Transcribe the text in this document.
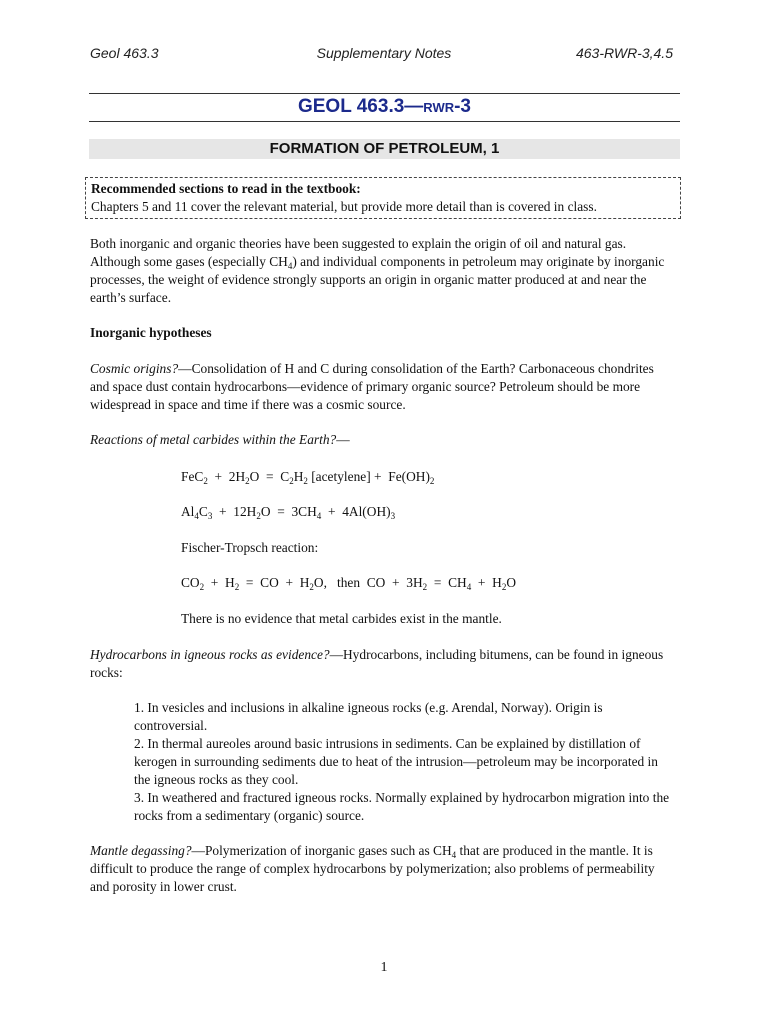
Geol 463.3	Supplementary Notes	463-RWR-3,4.5
GEOL 463.3—RWR-3
FORMATION OF PETROLEUM, 1
Recommended sections to read in the textbook:
Chapters 5 and 11 cover the relevant material, but provide more detail than is covered in class.
Both inorganic and organic theories have been suggested to explain the origin of oil and natural gas. Although some gases (especially $CH_4$) and individual components in petroleum may originate by inorganic processes, the weight of evidence strongly supports an origin in organic matter produced at and near the earth’s surface.
Inorganic hypotheses
Cosmic origins?—Consolidation of H and C during consolidation of the Earth? Carbonaceous chondrites and space dust contain hydrocarbons—evidence of primary organic source? Petroleum should be more widespread in space and time if there was a cosmic source.
Reactions of metal carbides within the Earth?—
$FeC_2 + 2H_2O = C_2H_2$ [acetylene] +  $Fe(OH)_2$
$Al_4C_3 + 12H_2O = 3CH_4 + 4Al(OH)_3$
Fischer-Tropsch reaction:
$CO_2 + H_2$  =  CO  +  $H_2O$,   then  CO  +  $3H_2 = CH_4 + H_2O$
There is no evidence that metal carbides exist in the mantle.
Hydrocarbons in igneous rocks as evidence?—Hydrocarbons, including bitumens, can be found in igneous rocks:
1. In vesicles and inclusions in alkaline igneous rocks (e.g. Arendal, Norway). Origin is controversial.
2. In thermal aureoles around basic intrusions in sediments. Can be explained by distillation of kerogen in surrounding sediments due to heat of the intrusion—petroleum may be incorporated in the igneous rocks as they cool.
3. In weathered and fractured igneous rocks. Normally explained by hydrocarbon migration into the rocks from a sedimentary (organic) source.
Mantle degassing?—Polymerization of inorganic gases such as $CH_4$ that are produced in the mantle. It is difficult to produce the range of complex hydrocarbons by polymerization; also problems of permeability and porosity in lower crust.
1
